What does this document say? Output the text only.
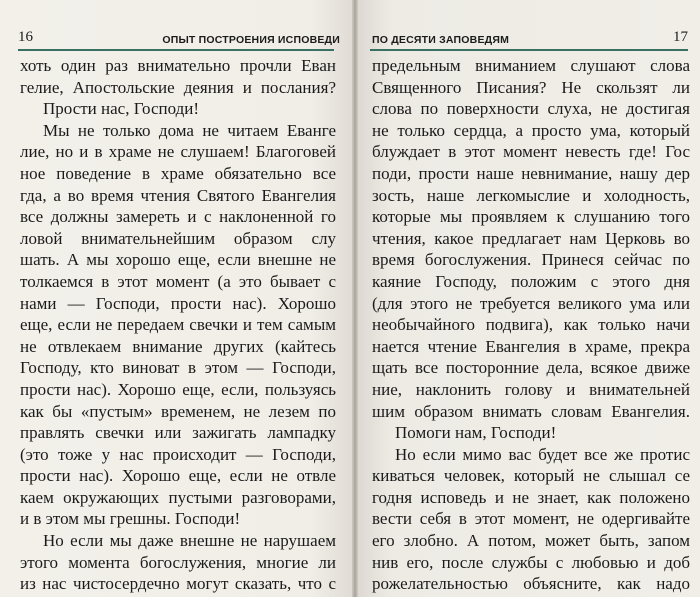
16	ОПЫТ ПОСТРОЕНИЯ ИСПОВЕДИ
хоть один раз внимательно прочли Еван
гелие, Апостольские деяния и послания?
Прости нас, Господи!
Мы не только дома не читаем Еванге
лие, но и в храме не слушаем! Благоговей
ное поведение в храме обязательно все
гда, а во время чтения Святого Евангелия
все должны замереть и с наклоненной го
ловой внимательнейшим образом слу
шать. А мы хорошо еще, если внешне не
толкаемся в этот момент (а это бывает с
нами — Господи, прости нас). Хорошо
еще, если не передаем свечки и тем самым
не отвлекаем внимание других (кайтесь
Господу, кто виноват в этом — Господи,
прости нас). Хорошо еще, если, пользуясь
как бы «пустым» временем, не лезем по
правлять свечки или зажигать лампадку
(это тоже у нас происходит — Господи,
прости нас). Хорошо еще, если не отвле
каем окружающих пустыми разговорами,
и в этом мы грешны. Господи!
Но если мы даже внешне не нарушаем
этого момента богослужения, многие ли
из нас чистосердечно могут сказать, что с
ПО ДЕСЯТИ ЗАПОВЕДЯМ	17
предельным вниманием слушают слова
Священного Писания? Не скользят ли
слова по поверхности слуха, не достигая
не только сердца, а просто ума, который
блуждает в этот момент невесть где! Гос
поди, прости наше невнимание, нашу дер
зость, наше легкомыслие и холодность,
которые мы проявляем к слушанию того
чтения, какое предлагает нам Церковь во
время богослужения. Принеся сейчас по
каяние Господу, положим с этого дня
(для этого не требуется великого ума или
необычайного подвига), как только начи
нается чтение Евангелия в храме, прекра
щать все посторонние дела, всякое движе
ние, наклонить голову и внимательней
шим образом внимать словам Евангелия.
Помоги нам, Господи!
Но если мимо вас будет все же протис
киваться человек, который не слышал се
годня исповедь и не знает, как положено
вести себя в этот момент, не одергивайте
его злобно. А потом, может быть, запом
нив его, после службы с любовью и доб
рожелательностью объясните, как надо
